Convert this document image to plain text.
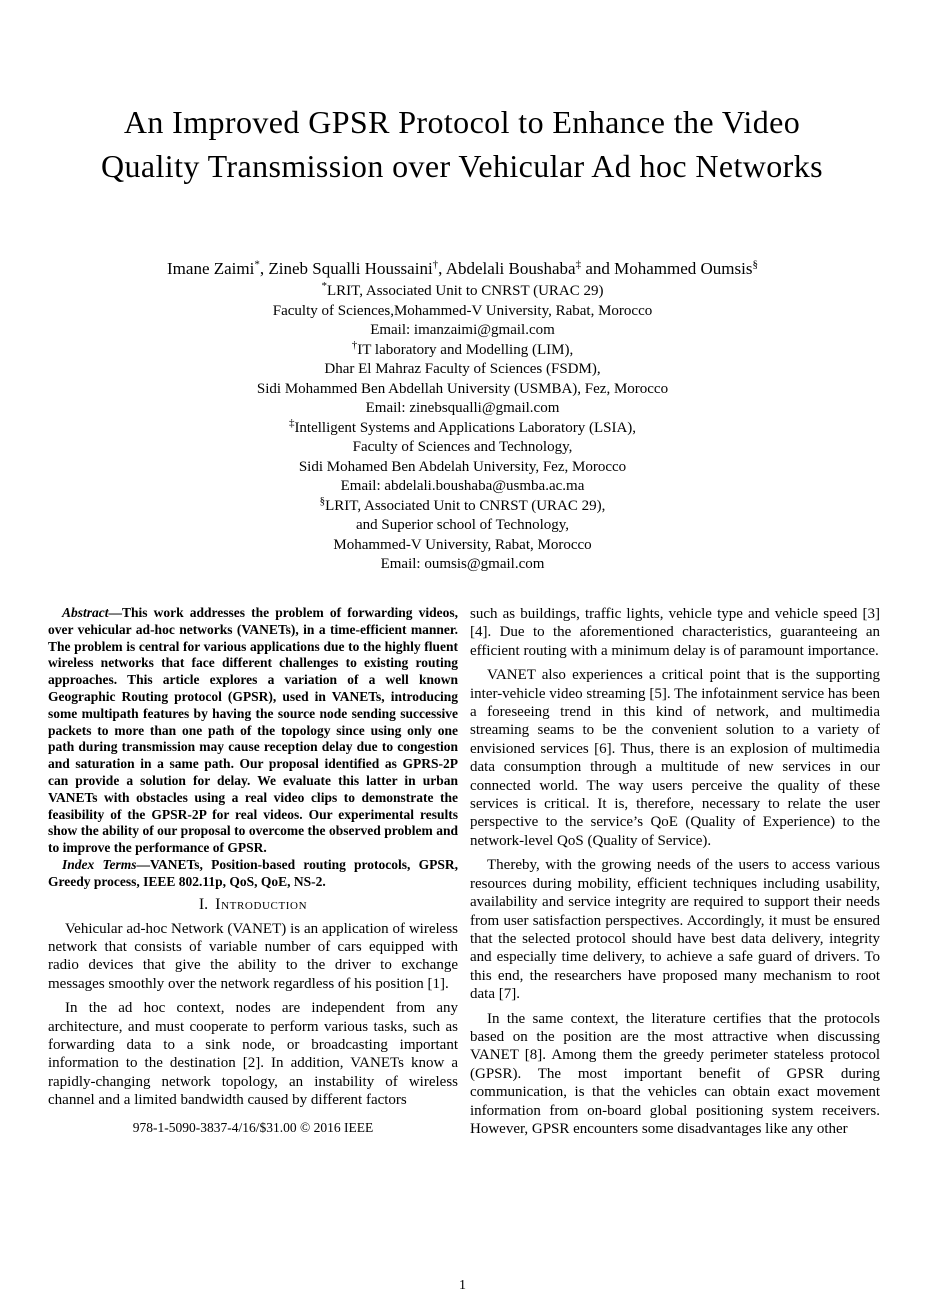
An Improved GPSR Protocol to Enhance the Video Quality Transmission over Vehicular Ad hoc Networks
Imane Zaimi*, Zineb Squalli Houssaini†, Abdelali Boushaba‡ and Mohammed Oumsis§
*LRIT, Associated Unit to CNRST (URAC 29)
Faculty of Sciences,Mohammed-V University, Rabat, Morocco
Email: imanzaimi@gmail.com
†IT laboratory and Modelling (LIM),
Dhar El Mahraz Faculty of Sciences (FSDM),
Sidi Mohammed Ben Abdellah University (USMBA), Fez, Morocco
Email: zinebsqualli@gmail.com
‡Intelligent Systems and Applications Laboratory (LSIA),
Faculty of Sciences and Technology,
Sidi Mohamed Ben Abdelah University, Fez, Morocco
Email: abdelali.boushaba@usmba.ac.ma
§LRIT, Associated Unit to CNRST (URAC 29),
and Superior school of Technology,
Mohammed-V University, Rabat, Morocco
Email: oumsis@gmail.com

Abstract—This work addresses the problem of forwarding videos, over vehicular ad-hoc networks (VANETs), in a time-efficient manner. The problem is central for various applications due to the highly fluent wireless networks that face different challenges to existing routing approaches. This article explores a variation of a well known Geographic Routing protocol (GPSR), used in VANETs, introducing some multipath features by having the source node sending successive packets to more than one path of the topology since using only one path during transmission may cause reception delay due to congestion and saturation in a same path. Our proposal identified as GPRS-2P can provide a solution for delay. We evaluate this latter in urban VANETs with obstacles using a real video clips to demonstrate the feasibility of the GPSR-2P for real videos. Our experimental results show the ability of our proposal to overcome the observed problem and to improve the performance of GPSR.

Index Terms—VANETs, Position-based routing protocols, GPSR, Greedy process, IEEE 802.11p, QoS, QoE, NS-2.

I. Introduction

Vehicular ad-hoc Network (VANET) is an application of wireless network that consists of variable number of cars equipped with radio devices that give the ability to the driver to exchange messages smoothly over the network regardless of his position [1].

In the ad hoc context, nodes are independent from any architecture, and must cooperate to perform various tasks, such as forwarding data to a sink node, or broadcasting important information to the destination [2]. In addition, VANETs know a rapidly-changing network topology, an instability of wireless channel and a limited bandwidth caused by different factors

978-1-5090-3837-4/16/$31.00 © 2016 IEEE

such as buildings, traffic lights, vehicle type and vehicle speed [3][4]. Due to the aforementioned characteristics, guaranteeing an efficient routing with a minimum delay is of paramount importance.

VANET also experiences a critical point that is the supporting inter-vehicle video streaming [5]. The infotainment service has been a foreseeing trend in this kind of network, and multimedia streaming seams to be the convenient solution to a variety of envisioned services [6]. Thus, there is an explosion of multimedia data consumption through a multitude of new services in our connected world. The way users perceive the quality of these services is critical. It is, therefore, necessary to relate the user perspective to the service’s QoE (Quality of Experience) to the network-level QoS (Quality of Service).

Thereby, with the growing needs of the users to access various resources during mobility, efficient techniques including usability, availability and service integrity are required to support their needs from user satisfaction perspectives. Accordingly, it must be ensured that the selected protocol should have best data delivery, integrity and especially time delivery, to achieve a safe guard of drivers. To this end, the researchers have proposed many mechanism to root data [7].

In the same context, the literature certifies that the protocols based on the position are the most attractive when discussing VANET [8]. Among them the greedy perimeter stateless protocol (GPSR). The most important benefit of GPSR during communication, is that the vehicles can obtain exact movement information from on-board global positioning system receivers. However, GPSR encounters some disadvantages like any other

1
